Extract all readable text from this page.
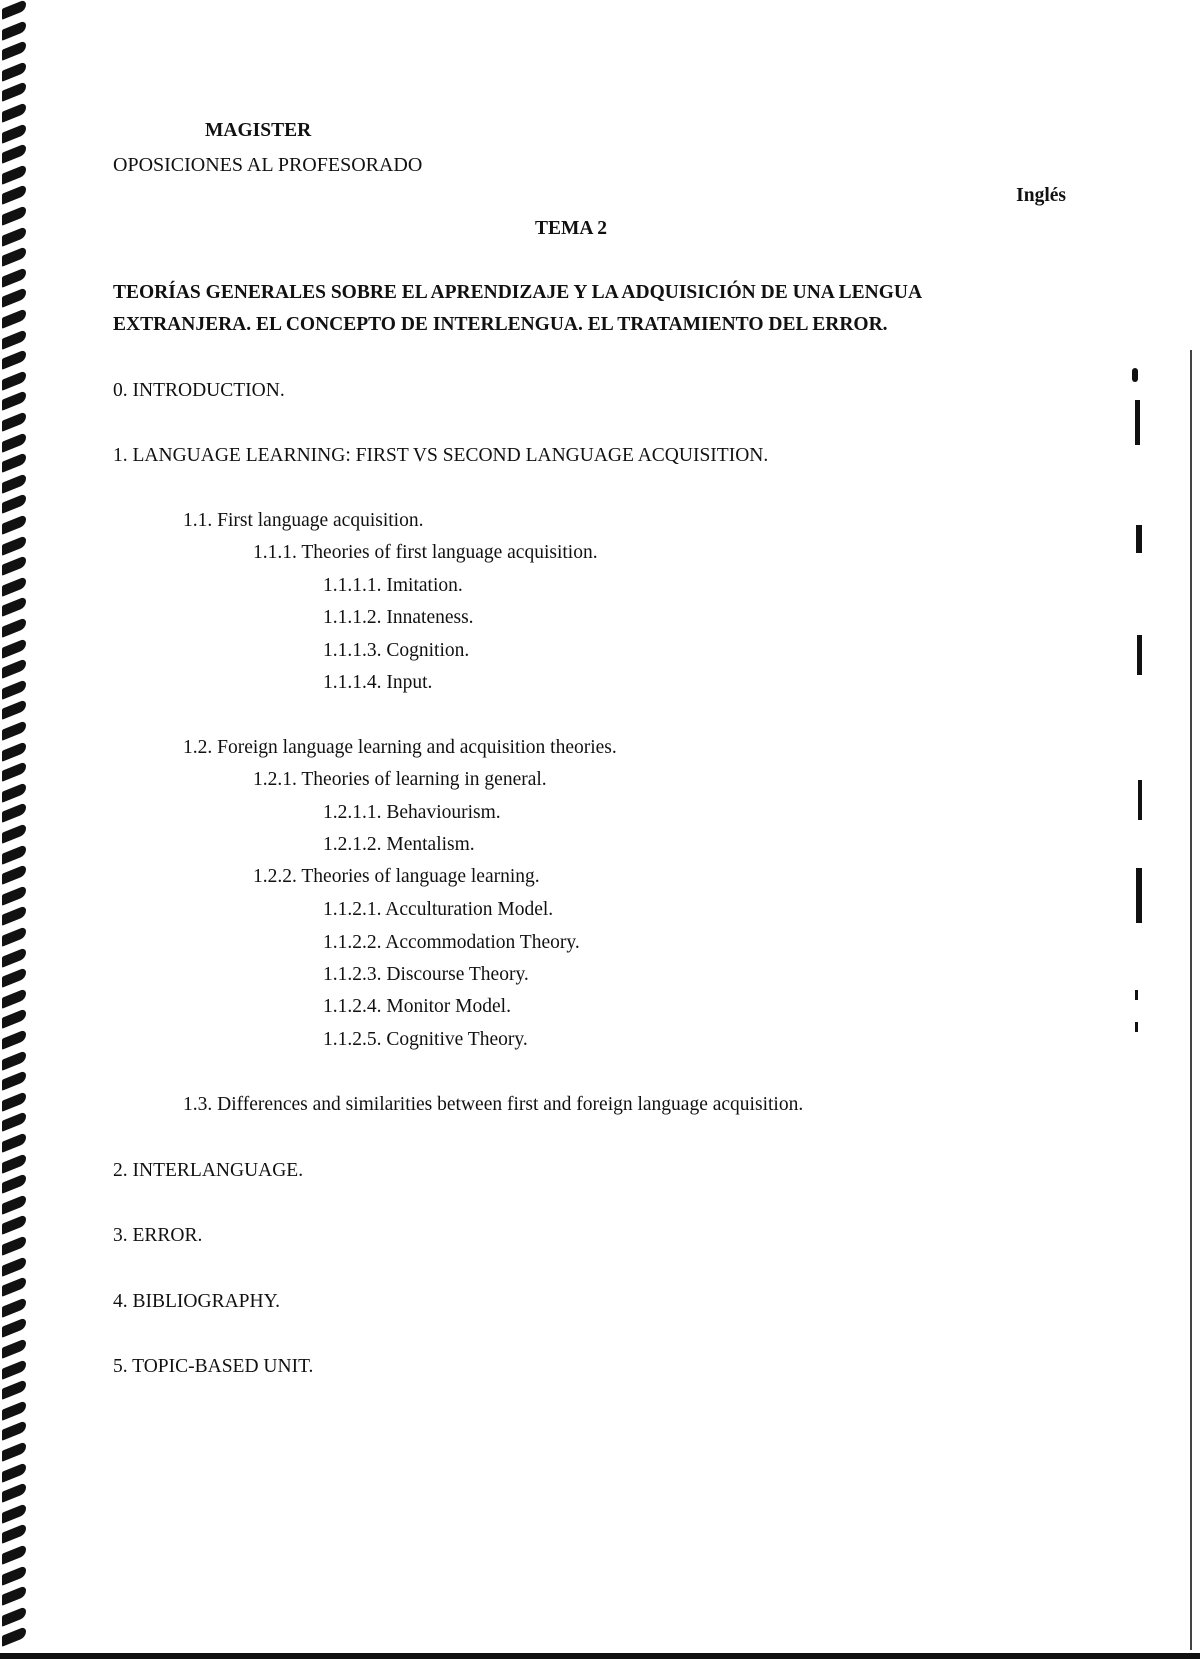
MAGISTER
OPOSICIONES AL PROFESORADO
Inglés
TEMA 2
TEORÍAS GENERALES SOBRE EL APRENDIZAJE Y LA ADQUISICIÓN DE UNA LENGUA
EXTRANJERA. EL CONCEPTO DE INTERLENGUA. EL TRATAMIENTO DEL ERROR.
0. INTRODUCTION.
1. LANGUAGE LEARNING: FIRST VS SECOND LANGUAGE ACQUISITION.
1.1. First language acquisition.
1.1.1. Theories of first language acquisition.
1.1.1.1. Imitation.
1.1.1.2. Innateness.
1.1.1.3. Cognition.
1.1.1.4. Input.
1.2. Foreign language learning and acquisition theories.
1.2.1. Theories of learning in general.
1.2.1.1. Behaviourism.
1.2.1.2. Mentalism.
1.2.2. Theories of language learning.
1.1.2.1. Acculturation Model.
1.1.2.2. Accommodation Theory.
1.1.2.3. Discourse Theory.
1.1.2.4. Monitor Model.
1.1.2.5. Cognitive Theory.
1.3. Differences and similarities between first and foreign language acquisition.
2. INTERLANGUAGE.
3. ERROR.
4. BIBLIOGRAPHY.
5. TOPIC-BASED UNIT.
